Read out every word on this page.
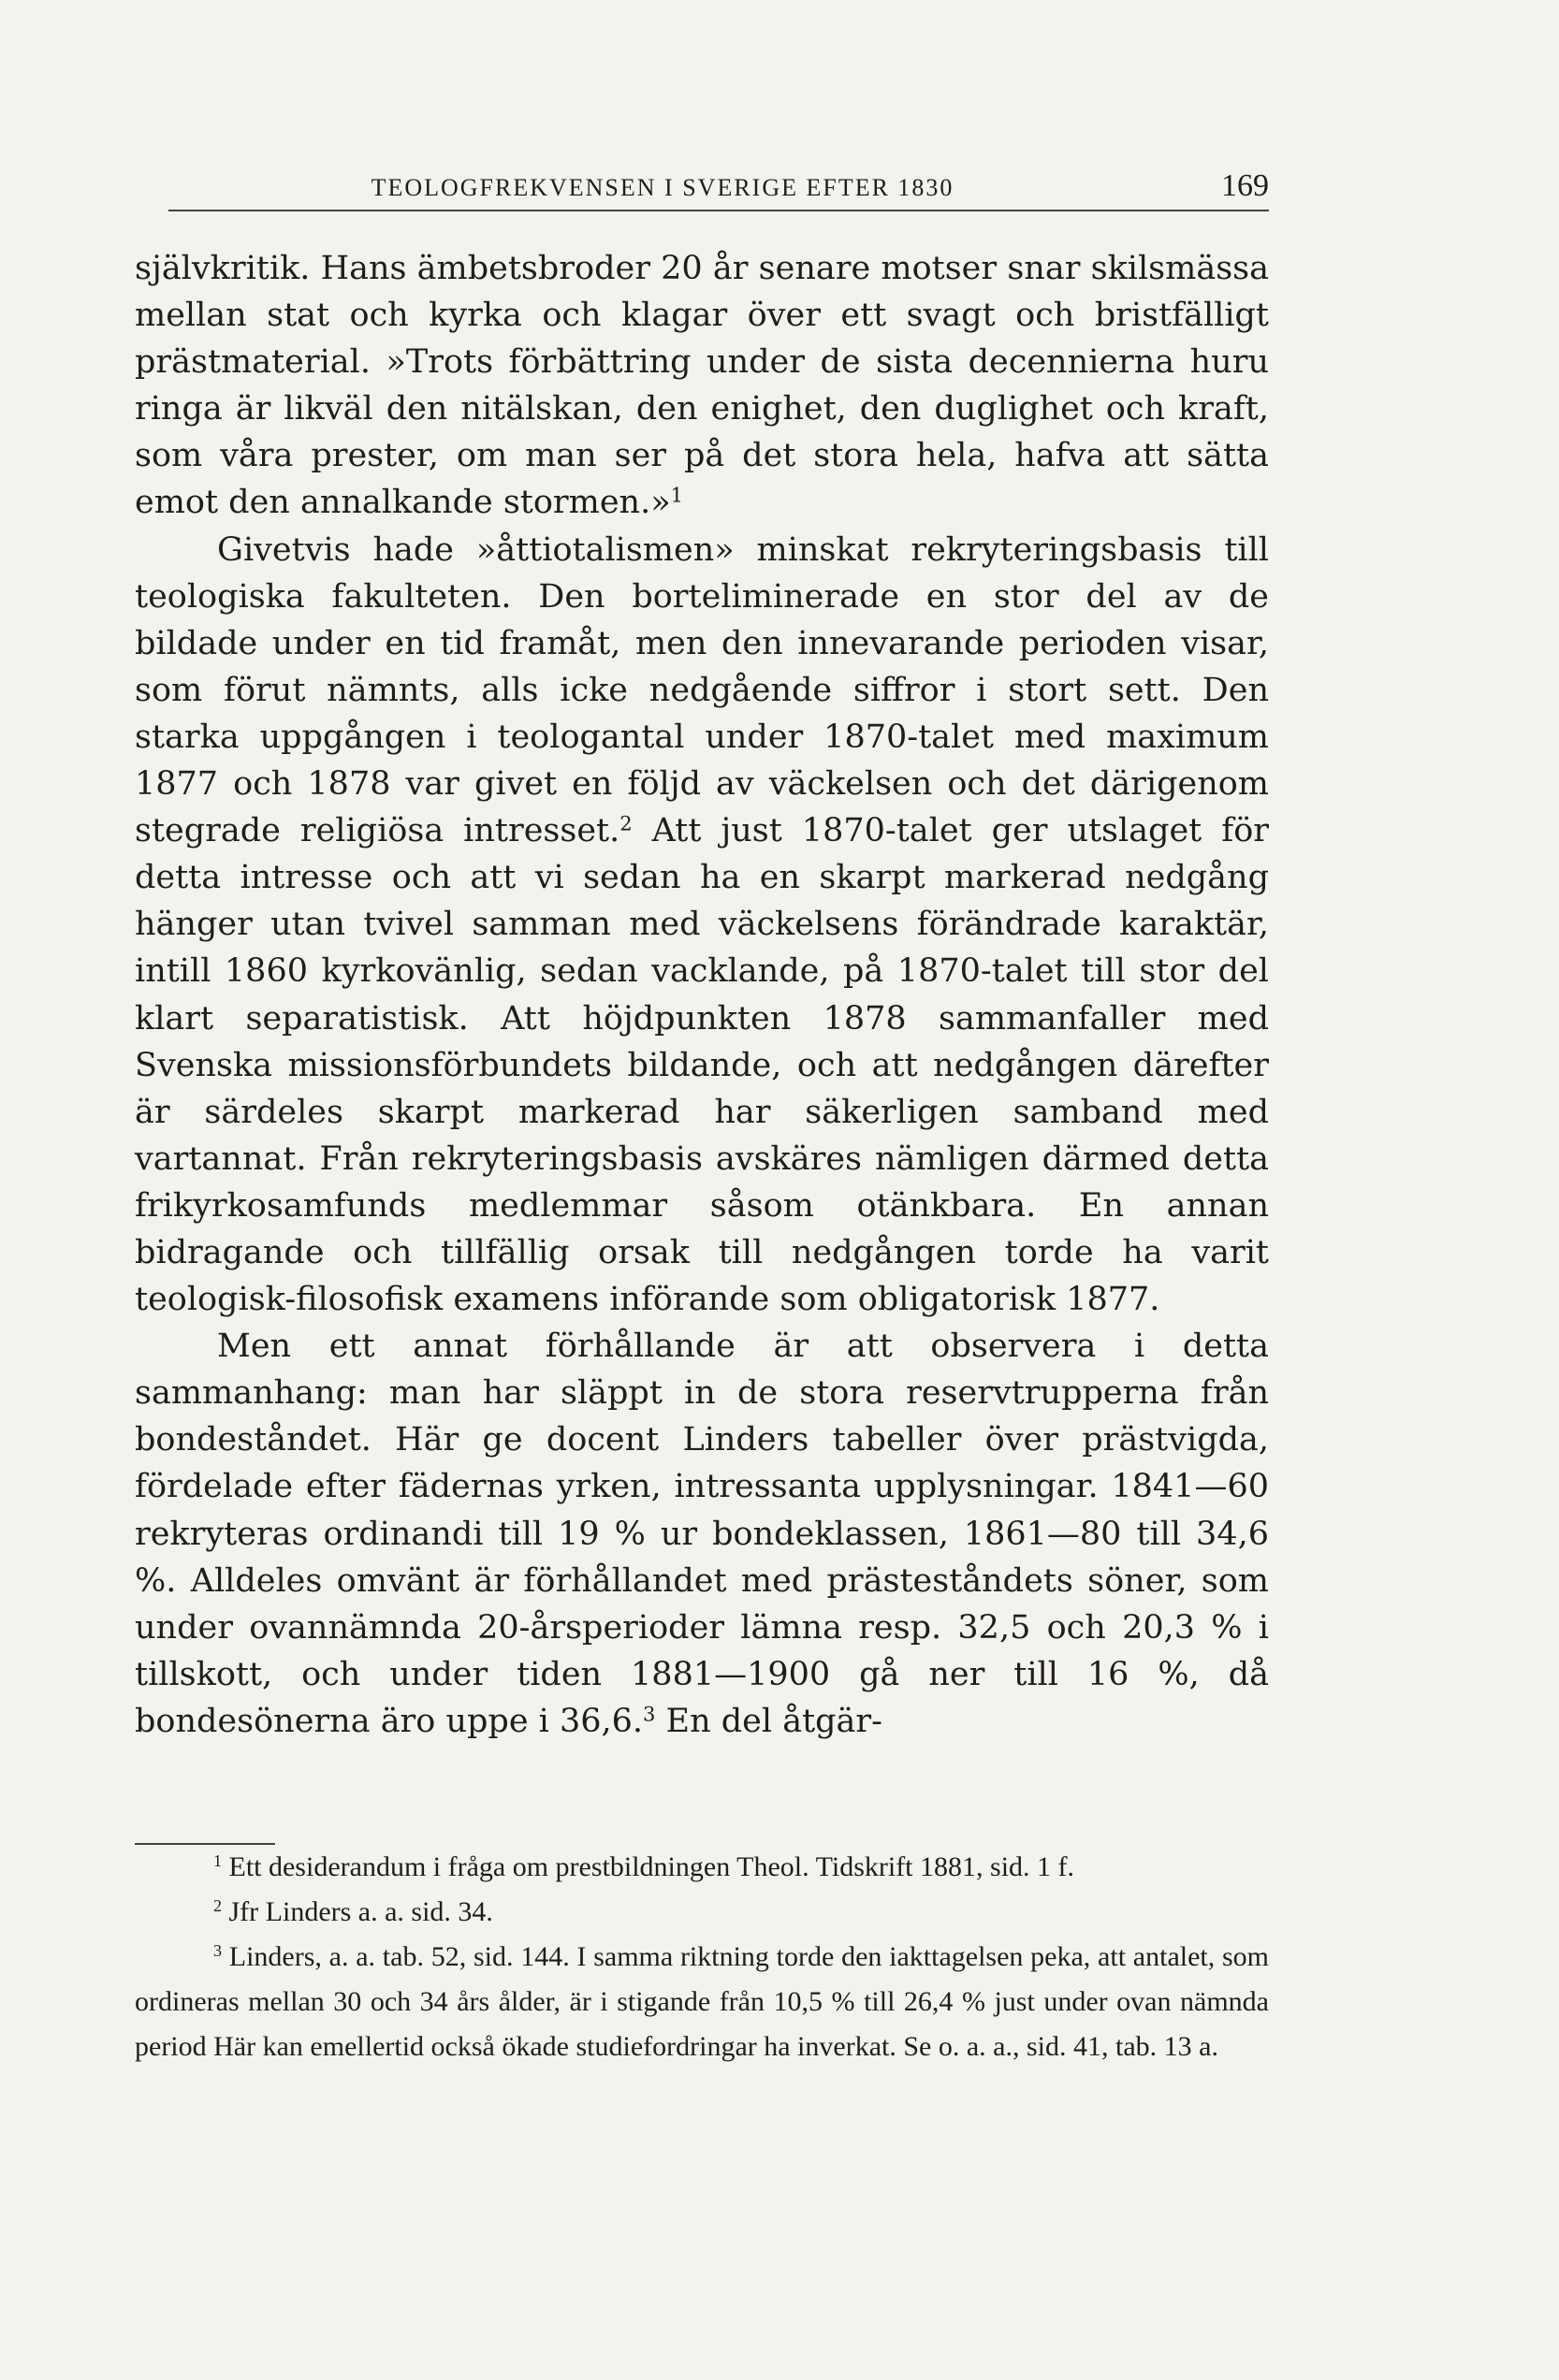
TEOLOGFREKVENSEN I SVERIGE EFTER 1830	169

självkritik. Hans ämbetsbroder 20 år senare motser snar skilsmässa mellan stat och kyrka och klagar över ett svagt och bristfälligt prästmaterial. »Trots förbättring under de sista decennierna huru ringa är likväl den nitälskan, den enighet, den duglighet och kraft, som våra prester, om man ser på det stora hela, hafva att sätta emot den annalkande stormen.»$^1$

Givetvis hade »åttiotalismen» minskat rekryteringsbasis till teologiska fakulteten. Den borteliminerade en stor del av de bildade under en tid framåt, men den innevarande perioden visar, som förut nämnts, alls icke nedgående siffror i stort sett. Den starka uppgången i teologantal under 1870-talet med maximum 1877 och 1878 var givet en följd av väckelsen och det därigenom stegrade religiösa intresset.$^2$ Att just 1870-talet ger utslaget för detta intresse och att vi sedan ha en skarpt markerad nedgång hänger utan tvivel samman med väckelsens förändrade karaktär, intill 1860 kyrkovänlig, sedan vacklande, på 1870-talet till stor del klart separatistisk. Att höjdpunkten 1878 sammanfaller med Svenska missionsförbundets bildande, och att nedgången därefter är särdeles skarpt markerad har säkerligen samband med vartannat. Från rekryteringsbasis avskäres nämligen därmed detta frikyrkosamfunds medlemmar såsom otänkbara. En annan bidragande och tillfällig orsak till nedgången torde ha varit teologisk-filosofisk examens införande som obligatorisk 1877.

Men ett annat förhållande är att observera i detta sammanhang: man har släppt in de stora reservtrupperna från bondeståndet. Här ge docent Linders tabeller över prästvigda, fördelade efter fädernas yrken, intressanta upplysningar. 1841—60 rekryteras ordinandi till 19 % ur bondeklassen, 1861—80 till 34,6 %. Alldeles omvänt är förhållandet med prästeståndets söner, som under ovannämnda 20-årsperioder lämna resp. 32,5 och 20,3 % i tillskott, och under tiden 1881—1900 gå ner till 16 %, då bondesönerna äro uppe i 36,6.$^3$ En del åtgär-

$^1$ Ett desiderandum i fråga om prestbildningen Theol. Tidskrift 1881, sid. 1 f.

$^2$ Jfr Linders a. a. sid. 34.

$^3$ Linders, a. a. tab. 52, sid. 144. I samma riktning torde den iakttagelsen peka, att antalet, som ordineras mellan 30 och 34 års ålder, är i stigande från 10,5 % till 26,4 % just under ovan nämnda period Här kan emellertid också ökade studiefordringar ha inverkat. Se o. a. a., sid. 41, tab. 13 a.
